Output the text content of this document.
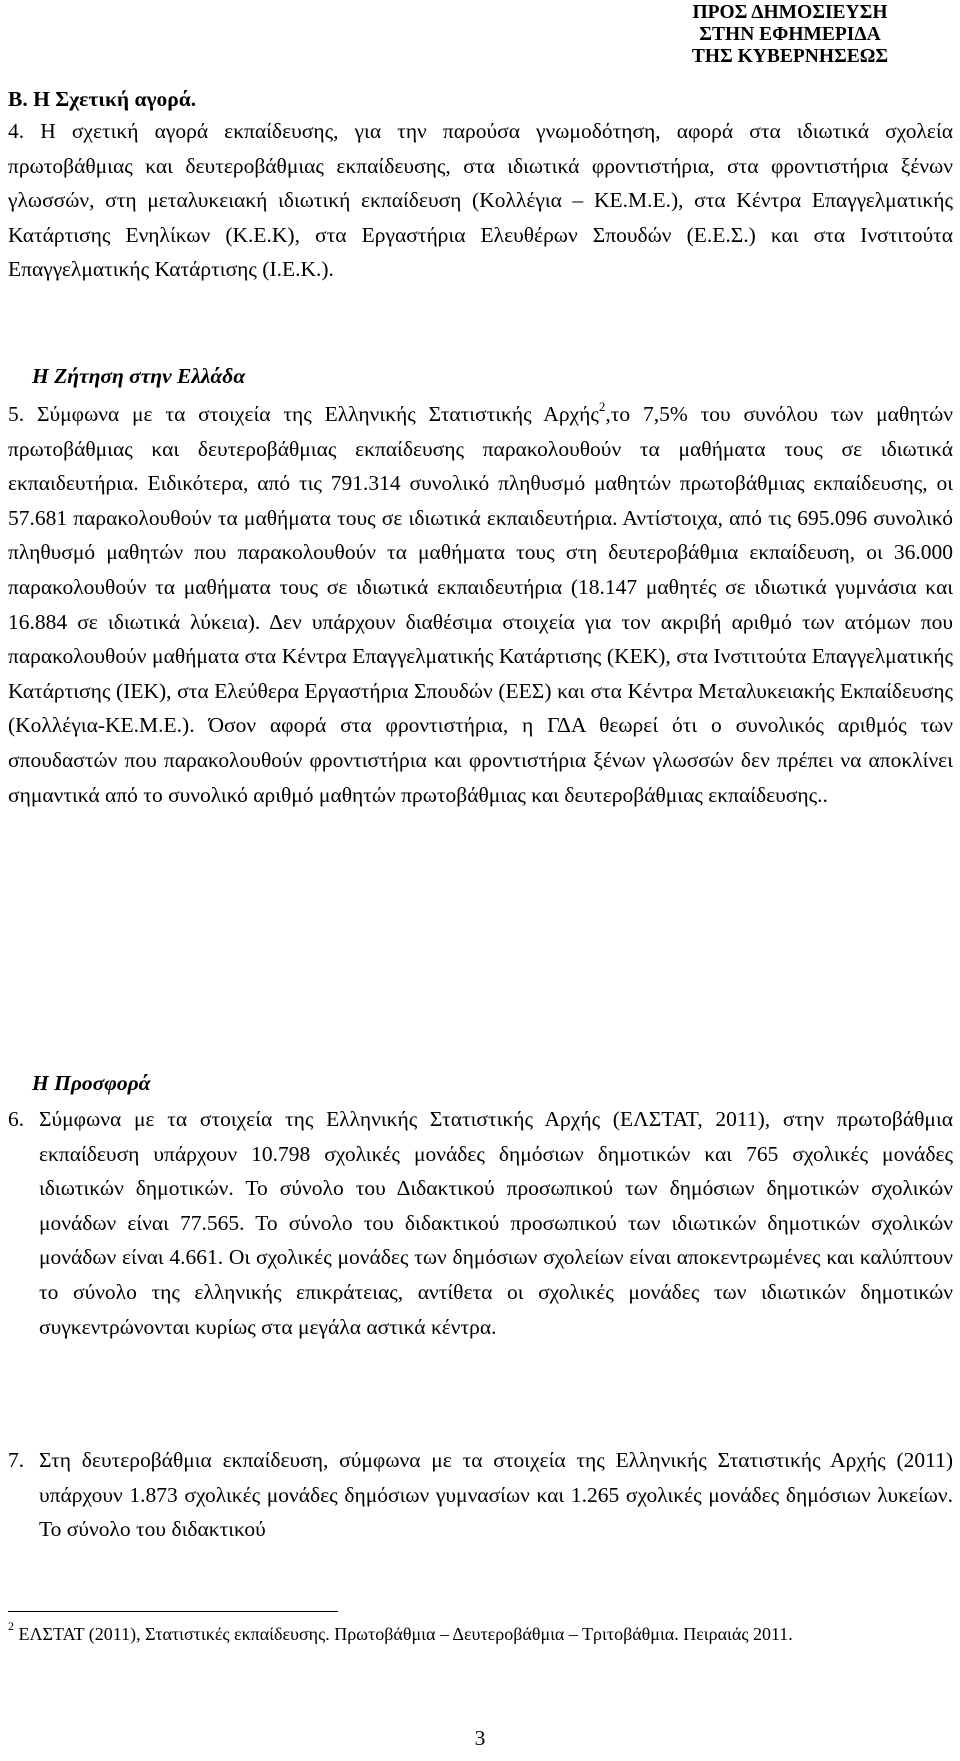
ΠΡΟΣ ΔΗΜΟΣΙΕΥΣΗ
ΣΤΗΝ ΕΦΗΜΕΡΙΔΑ
ΤΗΣ ΚΥΒΕΡΝΗΣΕΩΣ
Β. Η Σχετική αγορά.
4. Η σχετική αγορά εκπαίδευσης, για την παρούσα γνωμοδότηση, αφορά στα ιδιωτικά σχολεία πρωτοβάθμιας και δευτεροβάθμιας εκπαίδευσης, στα ιδιωτικά φροντιστήρια, στα φροντιστήρια ξένων γλωσσών, στη μεταλυκειακή ιδιωτική εκπαίδευση (Κολλέγια – ΚΕ.Μ.Ε.), στα Κέντρα Επαγγελματικής Κατάρτισης Ενηλίκων (Κ.Ε.Κ), στα Εργαστήρια Ελευθέρων Σπουδών (Ε.Ε.Σ.) και στα Ινστιτούτα Επαγγελματικής Κατάρτισης (Ι.Ε.Κ.).
Η Ζήτηση στην Ελλάδα
5. Σύμφωνα με τα στοιχεία της Ελληνικής Στατιστικής Αρχής$^2$,το 7,5% του συνόλου των μαθητών πρωτοβάθμιας και δευτεροβάθμιας εκπαίδευσης παρακολουθούν τα μαθήματα τους σε ιδιωτικά εκπαιδευτήρια. Ειδικότερα, από τις 791.314 συνολικό πληθυσμό μαθητών πρωτοβάθμιας εκπαίδευσης, οι 57.681 παρακολουθούν τα μαθήματα τους σε ιδιωτικά εκπαιδευτήρια. Αντίστοιχα, από τις 695.096 συνολικό πληθυσμό μαθητών που παρακολουθούν τα μαθήματα τους στη δευτεροβάθμια εκπαίδευση, οι 36.000 παρακολουθούν τα μαθήματα τους σε ιδιωτικά εκπαιδευτήρια (18.147 μαθητές σε ιδιωτικά γυμνάσια και 16.884 σε ιδιωτικά λύκεια). Δεν υπάρχουν διαθέσιμα στοιχεία για τον ακριβή αριθμό των ατόμων που παρακολουθούν μαθήματα στα Κέντρα Επαγγελματικής Κατάρτισης (ΚΕΚ), στα Ινστιτούτα Επαγγελματικής Κατάρτισης (ΙΕΚ), στα Ελεύθερα Εργαστήρια Σπουδών (ΕΕΣ) και στα Κέντρα Μεταλυκειακής Εκπαίδευσης (Κολλέγια-ΚΕ.Μ.Ε.). Όσον αφορά στα φροντιστήρια, η ΓΔΑ θεωρεί ότι ο συνολικός αριθμός των σπουδαστών που παρακολουθούν φροντιστήρια και φροντιστήρια ξένων γλωσσών δεν πρέπει να αποκλίνει σημαντικά από το συνολικό αριθμό μαθητών πρωτοβάθμιας και δευτεροβάθμιας εκπαίδευσης..
Η Προσφορά
6. Σύμφωνα με τα στοιχεία της Ελληνικής Στατιστικής Αρχής (ΕΛΣΤΑΤ, 2011), στην πρωτοβάθμια εκπαίδευση υπάρχουν 10.798 σχολικές μονάδες δημόσιων δημοτικών και 765 σχολικές μονάδες ιδιωτικών δημοτικών. Το σύνολο του Διδακτικού προσωπικού των δημόσιων δημοτικών σχολικών μονάδων είναι 77.565. Το σύνολο του διδακτικού προσωπικού των ιδιωτικών δημοτικών σχολικών μονάδων είναι 4.661. Οι σχολικές μονάδες των δημόσιων σχολείων είναι αποκεντρωμένες και καλύπτουν το σύνολο της ελληνικής επικράτειας, αντίθετα οι σχολικές μονάδες των ιδιωτικών δημοτικών συγκεντρώνονται κυρίως στα μεγάλα αστικά κέντρα.
7. Στη δευτεροβάθμια εκπαίδευση, σύμφωνα με τα στοιχεία της Ελληνικής Στατιστικής Αρχής (2011) υπάρχουν 1.873 σχολικές μονάδες δημόσιων γυμνασίων και 1.265 σχολικές μονάδες δημόσιων λυκείων. Το σύνολο του διδακτικού
$^2$ ΕΛΣΤΑΤ (2011), Στατιστικές εκπαίδευσης. Πρωτοβάθμια – Δευτεροβάθμια – Τριτοβάθμια. Πειραιάς 2011.
3
